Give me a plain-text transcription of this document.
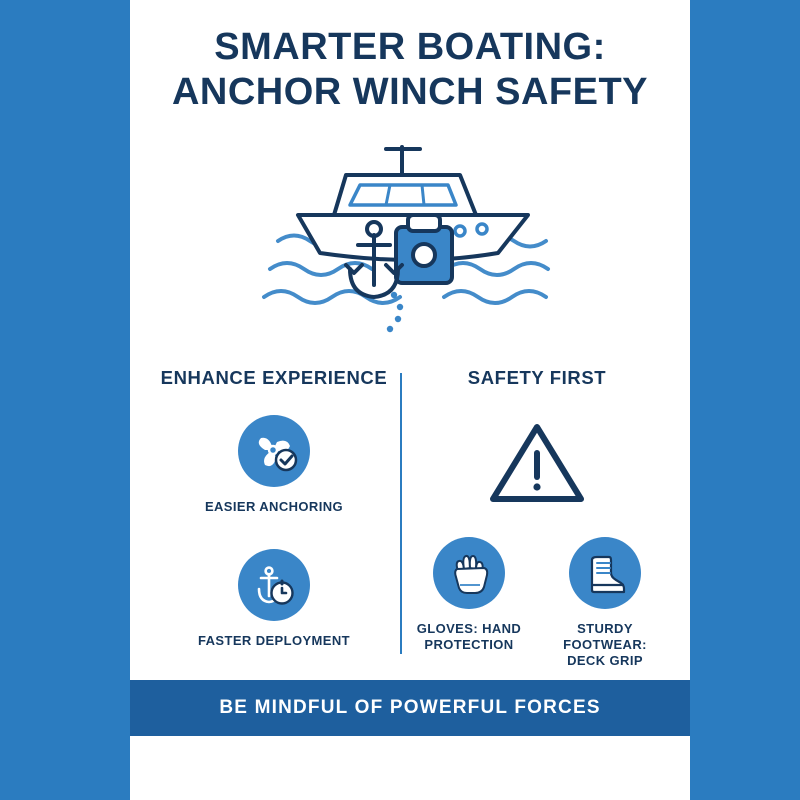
SMARTER BOATING:
ANCHOR WINCH SAFETY
ENHANCE EXPERIENCE
EASIER ANCHORING
FASTER DEPLOYMENT
SAFETY FIRST
GLOVES: HAND PROTECTION
STURDY FOOTWEAR: DECK GRIP
BE MINDFUL OF POWERFUL FORCES
